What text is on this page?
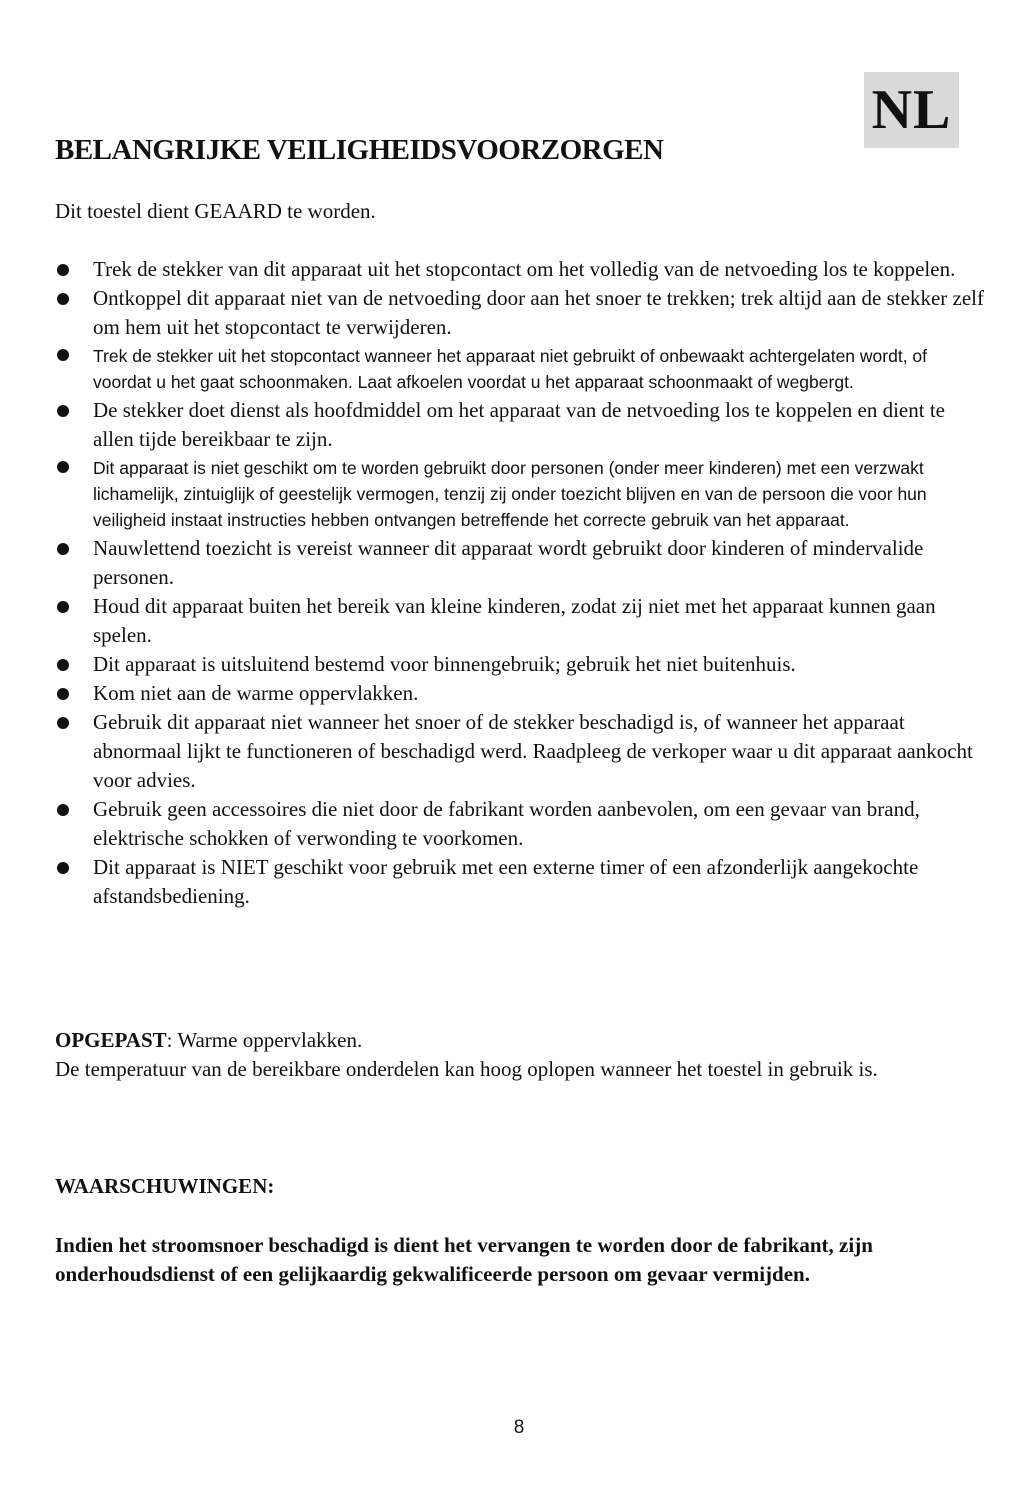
NL
BELANGRIJKE VEILIGHEIDSVOORZORGEN

Dit toestel dient GEAARD te worden.

Trek de stekker van dit apparaat uit het stopcontact om het volledig van de netvoeding los te koppelen.
Ontkoppel dit apparaat niet van de netvoeding door aan het snoer te trekken; trek altijd aan de stekker zelf om hem uit het stopcontact te verwijderen.
Trek de stekker uit het stopcontact wanneer het apparaat niet gebruikt of onbewaakt achtergelaten wordt, of voordat u het gaat schoonmaken. Laat afkoelen voordat u het apparaat schoonmaakt of wegbergt.
De stekker doet dienst als hoofdmiddel om het apparaat van de netvoeding los te koppelen en dient te allen tijde bereikbaar te zijn.
Dit apparaat is niet geschikt om te worden gebruikt door personen (onder meer kinderen) met een verzwakt lichamelijk, zintuiglijk of geestelijk vermogen, tenzij zij onder toezicht blijven en van de persoon die voor hun veiligheid instaat instructies hebben ontvangen betreffende het correcte gebruik van het apparaat.
Nauwlettend toezicht is vereist wanneer dit apparaat wordt gebruikt door kinderen of mindervalide personen.
Houd dit apparaat buiten het bereik van kleine kinderen, zodat zij niet met het apparaat kunnen gaan spelen.
Dit apparaat is uitsluitend bestemd voor binnengebruik; gebruik het niet buitenhuis.
Kom niet aan de warme oppervlakken.
Gebruik dit apparaat niet wanneer het snoer of de stekker beschadigd is, of wanneer het apparaat abnormaal lijkt te functioneren of beschadigd werd. Raadpleeg de verkoper waar u dit apparaat aankocht voor advies.
Gebruik geen accessoires die niet door de fabrikant worden aanbevolen, om een gevaar van brand, elektrische schokken of verwonding te voorkomen.
Dit apparaat is NIET geschikt voor gebruik met een externe timer of een afzonderlijk aangekochte afstandsbediening.
OPGEPAST: Warme oppervlakken.
De temperatuur van de bereikbare onderdelen kan hoog oplopen wanneer het toestel in gebruik is.
WAARSCHUWINGEN:

Indien het stroomsnoer beschadigd is dient het vervangen te worden door de fabrikant, zijn onderhoudsdienst of een gelijkaardig gekwalificeerde persoon om gevaar vermijden.

8
